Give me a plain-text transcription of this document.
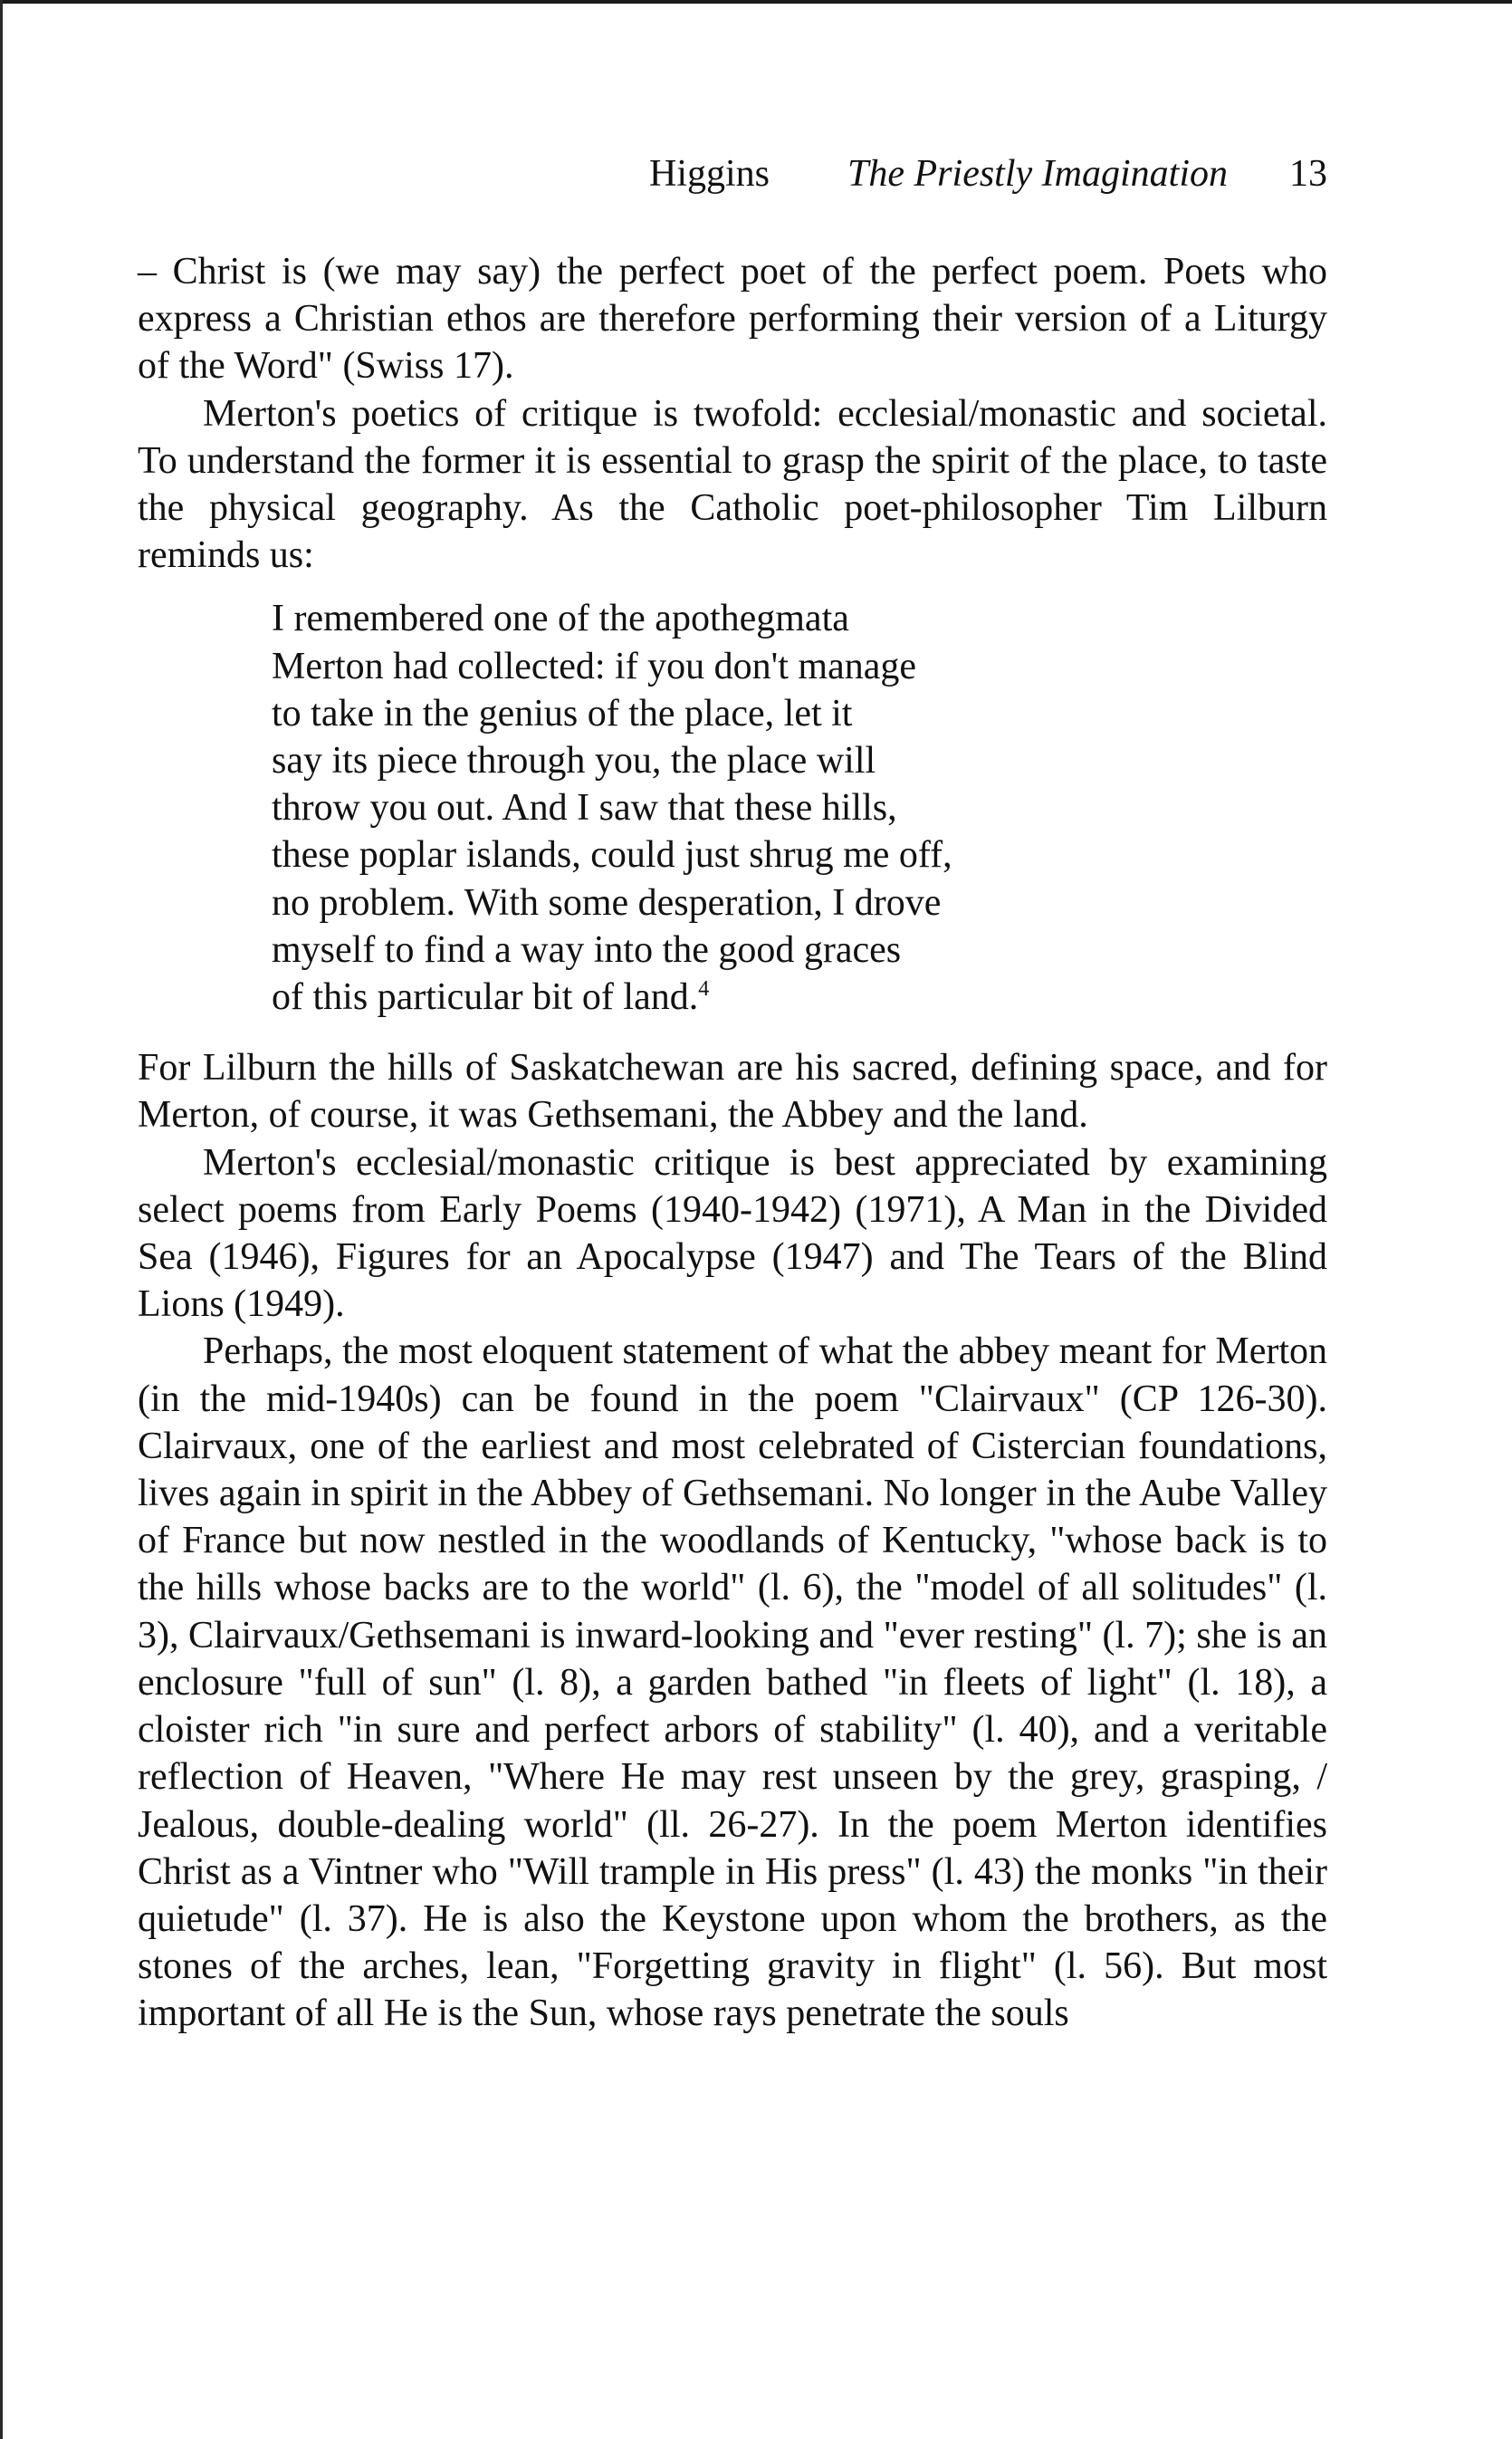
Higgins The Priestly Imagination 13

– Christ is (we may say) the perfect poet of the perfect poem. Poets who express a Christian ethos are therefore performing their version of a Liturgy of the Word" (Swiss 17).

Merton's poetics of critique is twofold: ecclesial/monastic and societal. To understand the former it is essential to grasp the spirit of the place, to taste the physical geography. As the Catholic poet-philosopher Tim Lilburn reminds us:

I remembered one of the apothegmata
Merton had collected: if you don't manage
to take in the genius of the place, let it
say its piece through you, the place will
throw you out. And I saw that these hills,
these poplar islands, could just shrug me off,
no problem. With some desperation, I drove
myself to find a way into the good graces
of this particular bit of land.$^4$

For Lilburn the hills of Saskatchewan are his sacred, defining space, and for Merton, of course, it was Gethsemani, the Abbey and the land.

Merton's ecclesial/monastic critique is best appreciated by examining select poems from Early Poems (1940-1942) (1971), A Man in the Divided Sea (1946), Figures for an Apocalypse (1947) and The Tears of the Blind Lions (1949).

Perhaps, the most eloquent statement of what the abbey meant for Merton (in the mid-1940s) can be found in the poem "Clairvaux" (CP 126-30). Clairvaux, one of the earliest and most celebrated of Cistercian foundations, lives again in spirit in the Abbey of Gethsemani. No longer in the Aube Valley of France but now nestled in the woodlands of Kentucky, "whose back is to the hills whose backs are to the world" (l. 6), the "model of all solitudes" (l. 3), Clairvaux/Gethsemani is inward-looking and "ever resting" (l. 7); she is an enclosure "full of sun" (l. 8), a garden bathed "in fleets of light" (l. 18), a cloister rich "in sure and perfect arbors of stability" (l. 40), and a veritable reflection of Heaven, "Where He may rest unseen by the grey, grasping, / Jealous, double-dealing world" (ll. 26-27). In the poem Merton identifies Christ as a Vintner who "Will trample in His press" (l. 43) the monks "in their quietude" (l. 37). He is also the Keystone upon whom the brothers, as the stones of the arches, lean, "Forgetting gravity in flight" (l. 56). But most important of all He is the Sun, whose rays penetrate the souls
